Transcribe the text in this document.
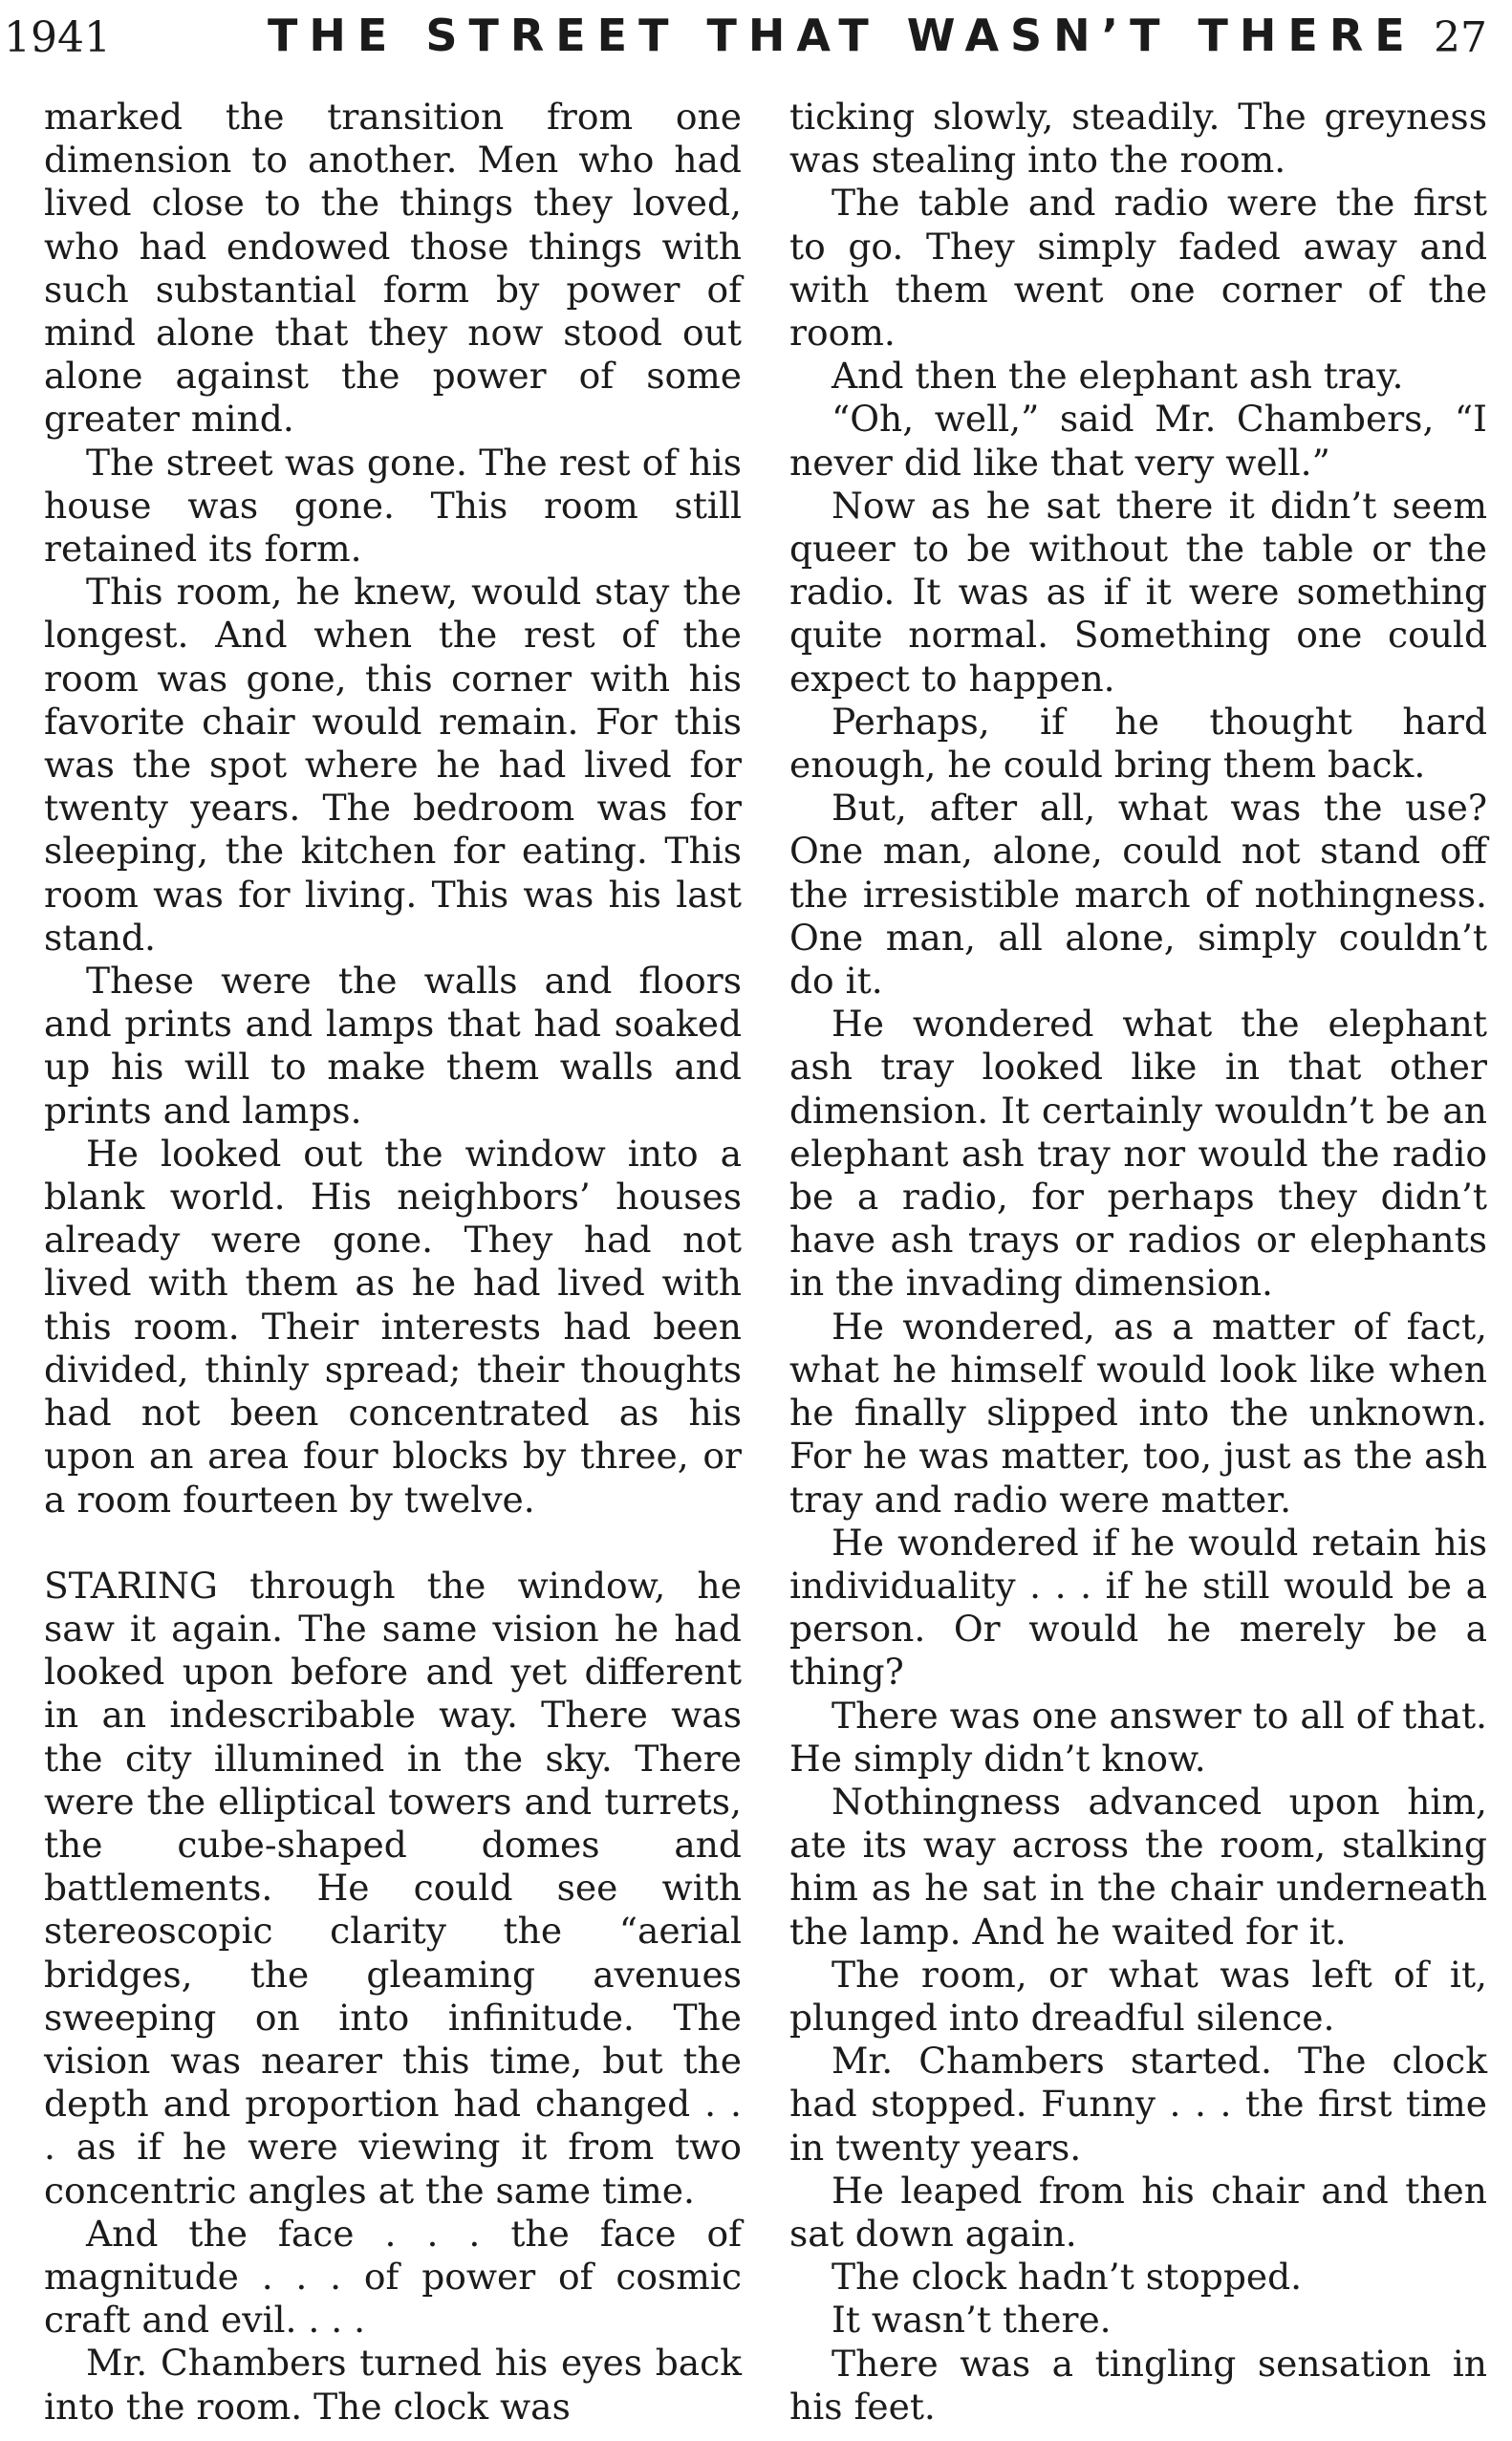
1941	THE STREET THAT WASN’T THERE 27

marked the transition from one dimension to another. Men who had lived close to the things they loved, who had endowed those things with such substantial form by power of mind alone that they now stood out alone against the power of some greater mind.

The street was gone. The rest of his house was gone. This room still retained its form.

This room, he knew, would stay the longest. And when the rest of the room was gone, this corner with his favorite chair would remain. For this was the spot where he had lived for twenty years. The bedroom was for sleeping, the kitchen for eating. This room was for living. This was his last stand.

These were the walls and floors and prints and lamps that had soaked up his will to make them walls and prints and lamps.

He looked out the window into a blank world. His neighbors’ houses already were gone. They had not lived with them as he had lived with this room. Their interests had been divided, thinly spread; their thoughts had not been concentrated as his upon an area four blocks by three, or a room fourteen by twelve.

STARING through the window, he saw it again. The same vision he had looked upon before and yet different in an indescribable way. There was the city illumined in the sky. There were the elliptical towers and turrets, the cube-shaped domes and battlements. He could see with stereoscopic clarity the “aerial bridges, the gleaming avenues sweeping on into infinitude. The vision was nearer this time, but the depth and proportion had changed . . . as if he were viewing it from two concentric angles at the same time.

And the face . . . the face of magnitude . . . of power of cosmic craft and evil. . . .

Mr. Chambers turned his eyes back into the room. The clock was

ticking slowly, steadily. The greyness was stealing into the room.

The table and radio were the first to go. They simply faded away and with them went one corner of the room.

And then the elephant ash tray.

“Oh, well,” said Mr. Chambers, “I never did like that very well.”

Now as he sat there it didn’t seem queer to be without the table or the radio. It was as if it were something quite normal. Something one could expect to happen.

Perhaps, if he thought hard enough, he could bring them back.

But, after all, what was the use? One man, alone, could not stand off the irresistible march of nothingness. One man, all alone, simply couldn’t do it.

He wondered what the elephant ash tray looked like in that other dimension. It certainly wouldn’t be an elephant ash tray nor would the radio be a radio, for perhaps they didn’t have ash trays or radios or elephants in the invading dimension.

He wondered, as a matter of fact, what he himself would look like when he finally slipped into the unknown. For he was matter, too, just as the ash tray and radio were matter.

He wondered if he would retain his individuality . . . if he still would be a person. Or would he merely be a thing?

There was one answer to all of that. He simply didn’t know.

Nothingness advanced upon him, ate its way across the room, stalking him as he sat in the chair underneath the lamp. And he waited for it.

The room, or what was left of it, plunged into dreadful silence.

Mr. Chambers started. The clock had stopped. Funny . . . the first time in twenty years.

He leaped from his chair and then sat down again.

The clock hadn’t stopped.

It wasn’t there.

There was a tingling sensation in his feet.
